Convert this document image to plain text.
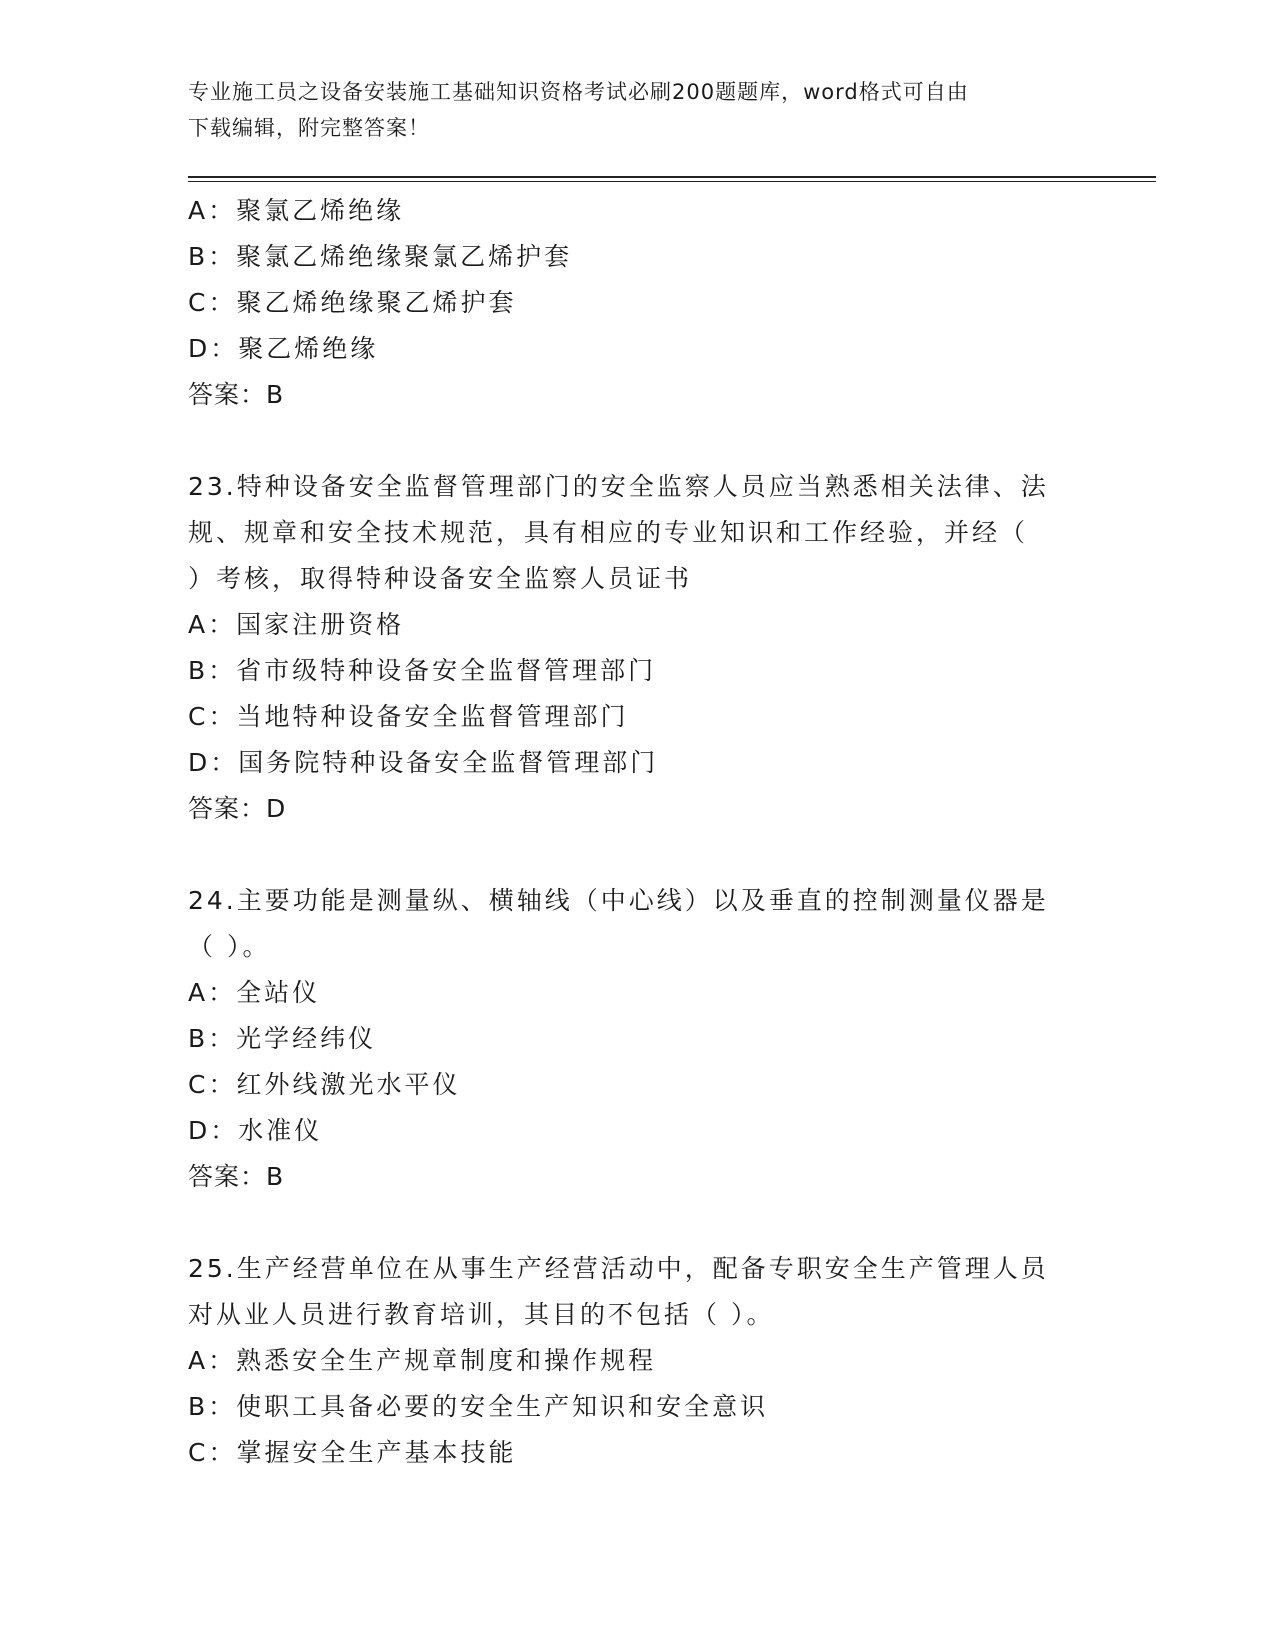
专业施工员之设备安装施工基础知识资格考试必刷200题题库，word格式可自由
下载编辑，附完整答案！
A：聚氯乙烯绝缘
B：聚氯乙烯绝缘聚氯乙烯护套
C：聚乙烯绝缘聚乙烯护套
D：聚乙烯绝缘
答案：B
23.特种设备安全监督管理部门的安全监察人员应当熟悉相关法律、法
规、规章和安全技术规范，具有相应的专业知识和工作经验，并经（
）考核，取得特种设备安全监察人员证书
A：国家注册资格
B：省市级特种设备安全监督管理部门
C：当地特种设备安全监督管理部门
D：国务院特种设备安全监督管理部门
答案：D
24.主要功能是测量纵、横轴线（中心线）以及垂直的控制测量仪器是
（ ）。
A：全站仪
B：光学经纬仪
C：红外线激光水平仪
D：水准仪
答案：B
25.生产经营单位在从事生产经营活动中，配备专职安全生产管理人员
对从业人员进行教育培训，其目的不包括（ ）。
A：熟悉安全生产规章制度和操作规程
B：使职工具备必要的安全生产知识和安全意识
C：掌握安全生产基本技能
